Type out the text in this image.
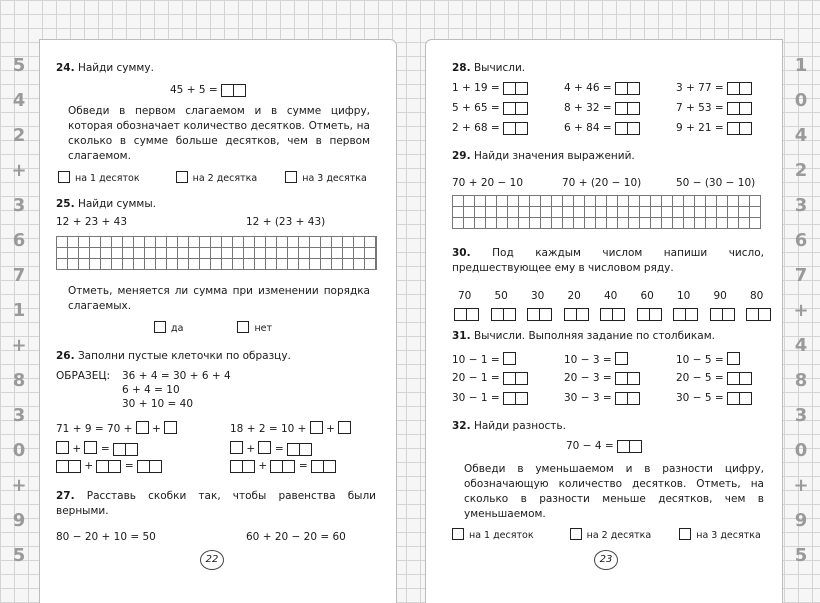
5
4
2
+
3
6
7
1
+
8
3
0
+
9
5
1
0
4
2
3
6
7
+
4
8
3
0
+
9
5
24. Найди сумму.
45 + 5 =
Обведи в первом слагаемом и в сумме цифру, которая обозначает количество десятков. Отметь, на сколько в сумме больше десятков, чем в первом слагаемом.
на 1 десяток	на 2 десятка	на 3 десятка
25. Найди суммы.
12 + 23 + 43	12 + (23 + 43)
Отметь, меняется ли сумма при изменении порядка слагаемых.
да	нет
26. Заполни пустые клеточки по образцу.
ОБРАЗЕЦ: 36 + 4 = 30 + 6 + 4
6 + 4 = 10
30 + 10 = 40
71 + 9 = 70 +  +
+  =
+  =
18 + 2 = 10 +  +
+  =
+  =
27. Расставь скобки так, чтобы равенства были верными.
80 − 20 + 10 = 50	60 + 20 − 20 = 60
22
28. Вычисли.
29. Найди значения выражений.
70 + 20 − 10	70 + (20 − 10)	50 − (30 − 10)
30. Под каждым числом напиши число, предшествующее ему в числовом ряду.
31. Вычисли. Выполняя задание по столбикам.
32. Найди разность.
70 − 4 =
Обведи в уменьшаемом и в разности цифру, обозначающую количество десятков. Отметь, на сколько в разности меньше десятков, чем в уменьшаемом.
на 1 десяток	на 2 десятка	на 3 десятка
23
1 + 19 =	4 + 46 =	3 + 77 =
5 + 65 =	8 + 32 =	7 + 53 =
2 + 68 =	6 + 84 =	9 + 21 =
70 50 30 20 40 60 10 90 80
10 − 1 =	10 − 3 =	10 − 5 =
20 − 1 =	20 − 3 =	20 − 5 =
30 − 1 =	30 − 3 =	30 − 5 =
